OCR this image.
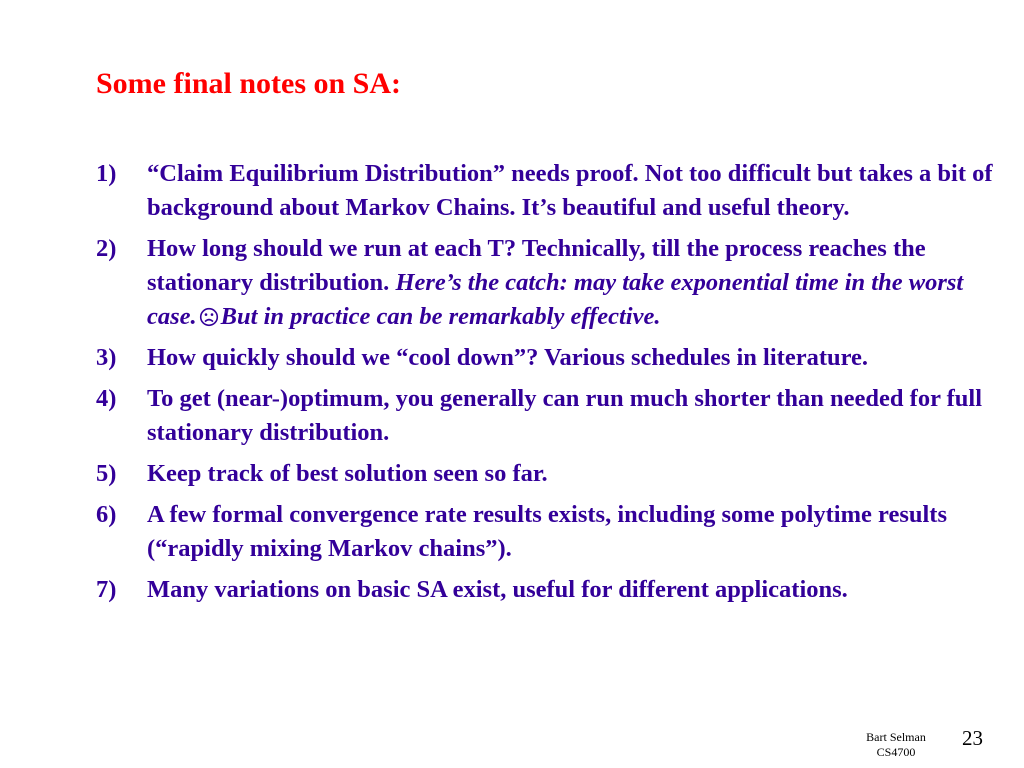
Some final notes on SA:
1)	“Claim Equilibrium Distribution” needs proof. Not too difficult but takes a bit of background about Markov Chains. It’s beautiful and useful theory.
2)	How long should we run at each T? Technically, till the process reaches the stationary distribution. Here’s the catch: may take exponential time in the worst case. But in practice can be remarkably effective.
3)	How quickly should we “cool down”? Various schedules in literature.
4)	To get (near-)optimum, you generally can run much shorter than needed for full stationary distribution.
5)	Keep track of best solution seen so far.
6)	A few formal convergence rate results exists, including some polytime results (“rapidly mixing Markov chains”).
7)	Many variations on basic SA exist, useful for different applications.
Bart Selman
CS4700
23
